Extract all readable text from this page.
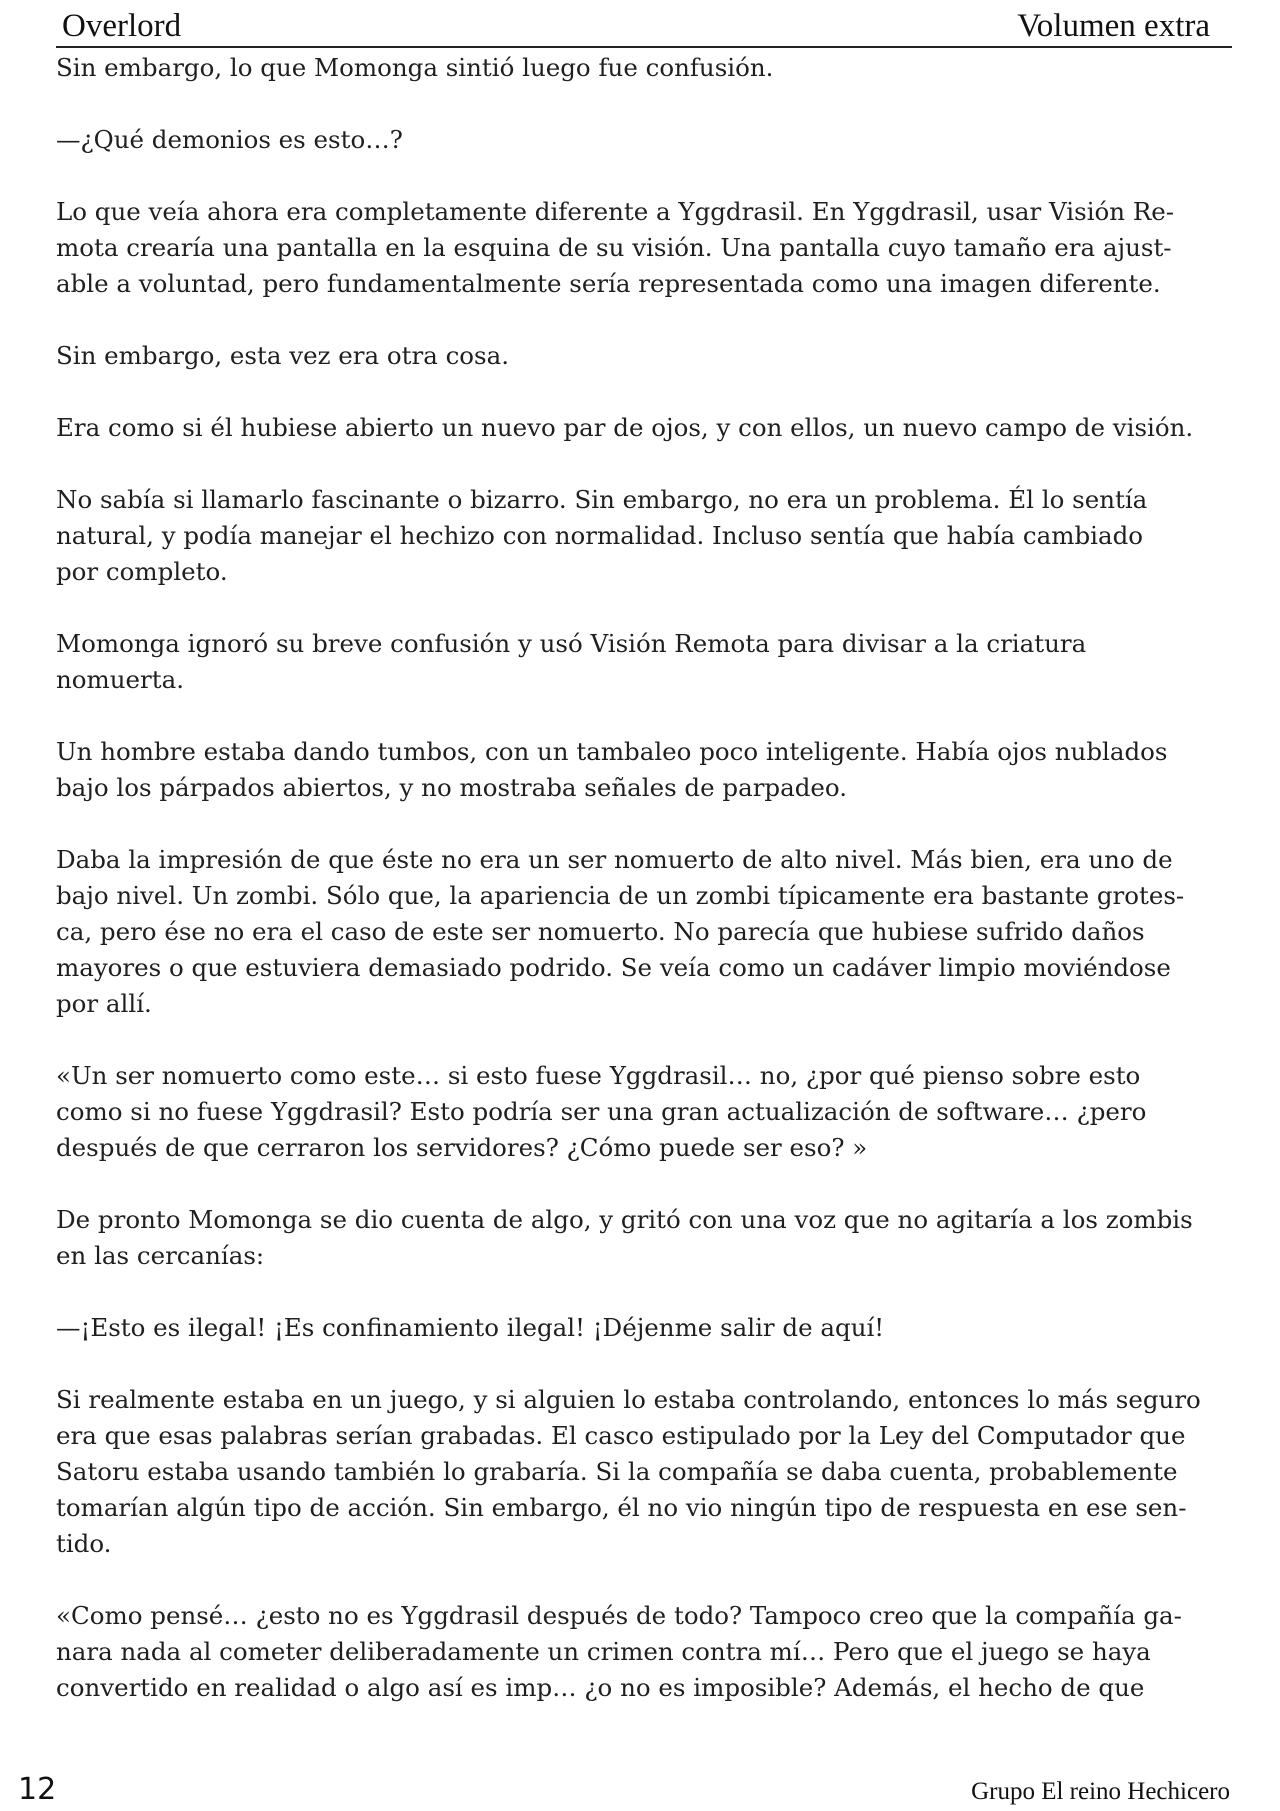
Overlord	Volumen extra

Sin embargo, lo que Momonga sintió luego fue confusión.

—¿Qué demonios es esto…?

Lo que veía ahora era completamente diferente a Yggdrasil. En Yggdrasil, usar Visión Re-
mota crearía una pantalla en la esquina de su visión. Una pantalla cuyo tamaño era ajust-
able a voluntad, pero fundamentalmente sería representada como una imagen diferente.

Sin embargo, esta vez era otra cosa.

Era como si él hubiese abierto un nuevo par de ojos, y con ellos, un nuevo campo de visión.

No sabía si llamarlo fascinante o bizarro. Sin embargo, no era un problema. Él lo sentía
natural, y podía manejar el hechizo con normalidad. Incluso sentía que había cambiado
por completo.

Momonga ignoró su breve confusión y usó Visión Remota para divisar a la criatura
nomuerta.

Un hombre estaba dando tumbos, con un tambaleo poco inteligente. Había ojos nublados
bajo los párpados abiertos, y no mostraba señales de parpadeo.

Daba la impresión de que éste no era un ser nomuerto de alto nivel. Más bien, era uno de
bajo nivel. Un zombi. Sólo que, la apariencia de un zombi típicamente era bastante grotes-
ca, pero ése no era el caso de este ser nomuerto. No parecía que hubiese sufrido daños
mayores o que estuviera demasiado podrido. Se veía como un cadáver limpio moviéndose
por allí.

«Un ser nomuerto como este… si esto fuese Yggdrasil… no, ¿por qué pienso sobre esto
como si no fuese Yggdrasil? Esto podría ser una gran actualización de software… ¿pero
después de que cerraron los servidores? ¿Cómo puede ser eso? »

De pronto Momonga se dio cuenta de algo, y gritó con una voz que no agitaría a los zombis
en las cercanías:

—¡Esto es ilegal! ¡Es confinamiento ilegal! ¡Déjenme salir de aquí!

Si realmente estaba en un juego, y si alguien lo estaba controlando, entonces lo más seguro
era que esas palabras serían grabadas. El casco estipulado por la Ley del Computador que
Satoru estaba usando también lo grabaría. Si la compañía se daba cuenta, probablemente
tomarían algún tipo de acción. Sin embargo, él no vio ningún tipo de respuesta en ese sen-
tido.

«Como pensé… ¿esto no es Yggdrasil después de todo? Tampoco creo que la compañía ga-
nara nada al cometer deliberadamente un crimen contra mí… Pero que el juego se haya
convertido en realidad o algo así es imp… ¿o no es imposible? Además, el hecho de que

12	Grupo El reino Hechicero
